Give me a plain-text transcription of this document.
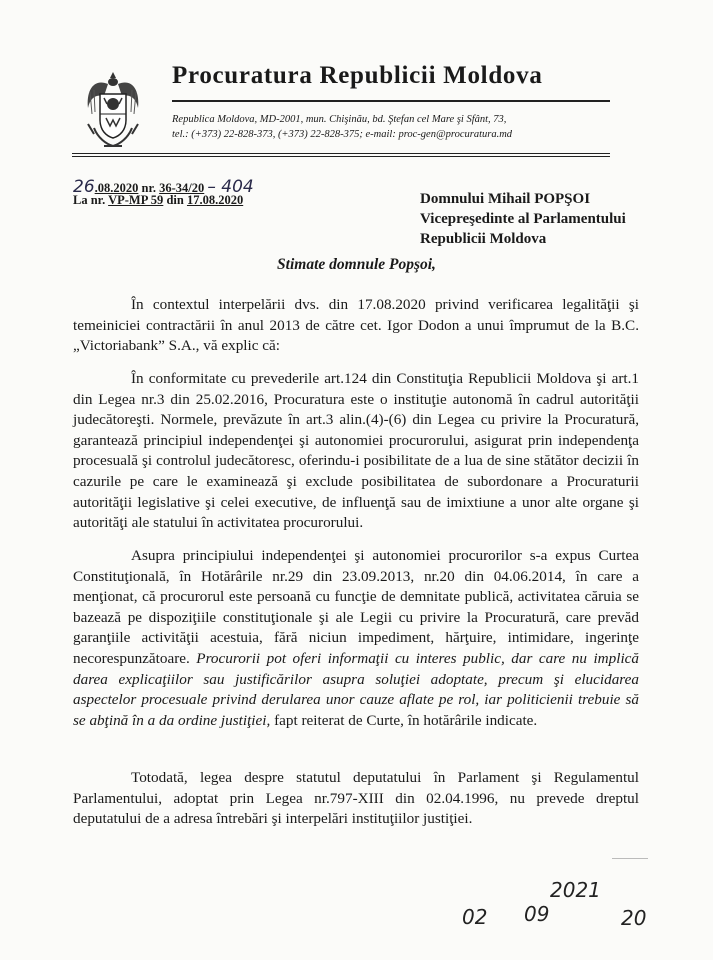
Procuratura Republicii Moldova
Republica Moldova, MD-2001, mun. Chişinău, bd. Ştefan cel Mare şi Sfânt, 73,
tel.: (+373) 22-828-373, (+373) 22-828-375; e-mail: proc-gen@procuratura.md
26.08.2020 nr. 36-34/20 – 404
La nr. VP-MP 59 din 17.08.2020	Domnului Mihail POPŞOI
Vicepreşedinte al Parlamentului
Republicii Moldova
Stimate domnule Popşoi,
În contextul interpelării dvs. din 17.08.2020 privind verificarea legalităţii şi temeiniciei contractării în anul 2013 de către cet. Igor Dodon a unui împrumut de la B.C. „Victoriabank” S.A., vă explic că:
În conformitate cu prevederile art.124 din Constituţia Republicii Moldova şi art.1 din Legea nr.3 din 25.02.2016, Procuratura este o instituţie autonomă în cadrul autorităţii judecătoreşti. Normele, prevăzute în art.3 alin.(4)-(6) din Legea cu privire la Procuratură, garantează principiul independenţei şi autonomiei procurorului, asigurat prin independenţa procesuală şi controlul judecătoresc, oferindu-i posibilitate de a lua de sine stătător decizii în cazurile pe care le examinează şi exclude posibilitatea de subordonare a Procuraturii autorităţii legislative şi celei executive, de influenţă sau de imixtiune a unor alte organe şi autorităţi ale statului în activitatea procurorului.
Asupra principiului independenţei şi autonomiei procurorilor s-a expus Curtea Constituţională, în Hotărârile nr.29 din 23.09.2013, nr.20 din 04.06.2014, în care a menţionat, că procurorul este persoană cu funcţie de demnitate publică, activitatea căruia se bazează pe dispoziţiile constituţionale şi ale Legii cu privire la Procuratură, care prevăd garanţiile activităţii acestuia, fără niciun impediment, hărţuire, intimidare, ingerinţe necorespunzătoare. Procurorii pot oferi informaţii cu interes public, dar care nu implică darea explicaţiilor sau justificărilor asupra soluţiei adoptate, precum şi elucidarea aspectelor procesuale privind derularea unor cauze aflate pe rol, iar politicienii trebuie să se abţină în a da ordine justiţiei, fapt reiterat de Curte, în hotărârile indicate.
Totodată, legea despre statutul deputatului în Parlament şi Regulamentul Parlamentului, adoptat prin Legea nr.797-XIII din 02.04.1996, nu prevede dreptul deputatului de a adresa întrebări şi interpelări instituţiilor justiţiei.
02 09
2021
20
